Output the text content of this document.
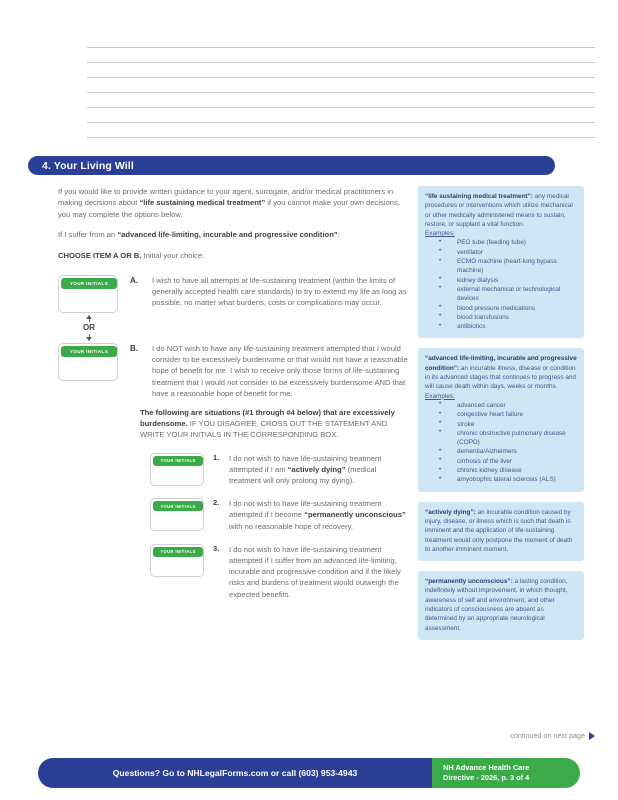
4. Your Living Will

If you would like to provide written guidance to your agent, surrogate, and/or medical practitioners in making decisions about “life sustaining medical treatment” if you cannot make your own decisions, you may complete the options below.

If I suffer from an “advanced life-limiting, incurable and progressive condition”:

CHOOSE ITEM A OR B. Initial your choice:

YOUR INITIALS	A.	I wish to have all attempts at life-sustaining treatment (within the limits of generally accepted health care standards) to try to extend my life as long as possible, no matter what burdens, costs or complications may occur.
OR
YOUR INITIALS	B.	I do NOT wish to have any life-sustaining treatment attempted that I would consider to be excessively burdensome or that would not have a reasonable hope of benefit for me. I wish to receive only those forms of life-sustaining treatment that I would not consider to be excessively burdensome AND that have a reasonable hope of benefit for me.
The following are situations (#1 through #4 below) that are excessively burdensome. IF YOU DISAGREE, CROSS OUT THE STATEMENT AND WRITE YOUR INITIALS IN THE CORRESPONDING BOX.
YOUR INITIALS	1.	I do not wish to have life-sustaining treatment attempted if I am “actively dying” (medical treatment will only prolong my dying).
YOUR INITIALS	2.	I do not wish to have life-sustaining treatment attempted if I become “permanently unconscious” with no reasonable hope of recovery.
YOUR INITIALS	3.	I do not wish to have life-sustaining treatment attempted if I suffer from an advanced life-limiting, incurable and progressive condition and if the likely risks and burdens of treatment would outweigh the expected benefits.

“life sustaining medical treatment”: any medical procedures or interventions which utilize mechanical or other medically administered means to sustain, restore, or supplant a vital function.

Examples:

• PEG tube (feeding tube)
• ventilator
• ECMO machine (heart-lung bypass machine)
• kidney dialysis
• external mechanical or technological devices
• blood pressure medications
• blood transfusions
• antibiotics

“advanced life-limiting, incurable and progressive condition”: an incurable illness, disease or condition in its advanced stages that continues to progress and will cause death within days, weeks or months.

Examples:

• advanced cancer
• congestive heart failure
• stroke
• chronic obstructive pulmonary disease (COPD)
• dementia/Alzheimers
• cirrhosis of the liver
• chronic kidney disease
• amyotrophic lateral sclerosis (ALS)

“actively dying”: an incurable condition caused by injury, disease, or illness which is such that death is imminent and the application of life-sustaining treatment would only postpone the moment of death to another imminent moment.

“permanently unconscious”: a lasting condition, indefinitely without improvement, in which thought, awareness of self and environment, and other indicators of consciousness are absent as determined by an appropriate neurological assessment.

continued on next page
Questions? Go to NHLegalForms.com or call (603) 953-4943
NH Advance Health Care
Directive - 2026, p. 3 of 4
